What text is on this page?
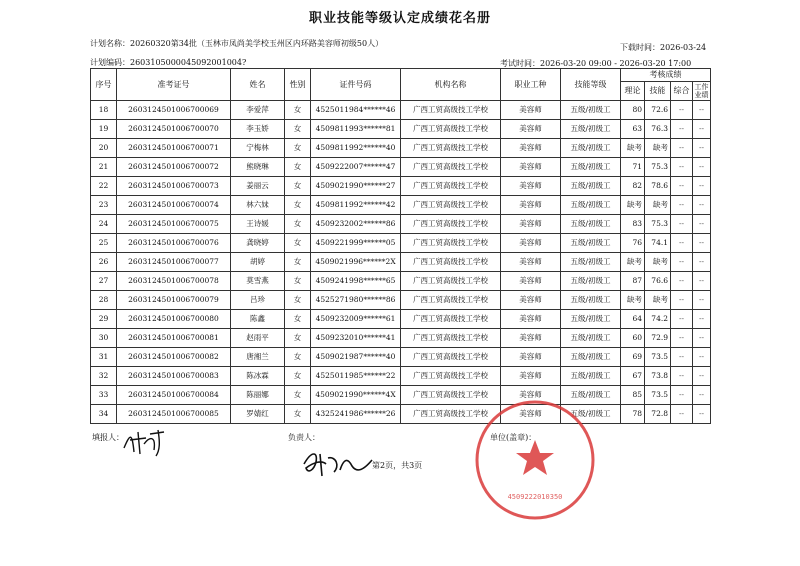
职业技能等级认定成绩花名册
计划名称：20260320第34批（玉林市凤尚美学校玉州区内环路美容师初级50人）
计划编码：2603105000045092001004?
下载时间：2026-03-24
考试时间：2026-03-20 09:00 - 2026-03-20 17:00
序号	准考证号	姓名	性别	证件号码	机构名称	职业工种	技能等级	考核成绩			
								理论	技能	综合	工作业绩
18	2603124501006700069	李爱萍	女	4525011984******46	广西工贸高级技工学校	美容师	五级/初级工	80	72.6	--	--
19	2603124501006700070	李玉娇	女	4509811993******81	广西工贸高级技工学校	美容师	五级/初级工	63	76.3	--	--
20	2603124501006700071	宁梅林	女	4509811992******40	广西工贸高级技工学校	美容师	五级/初级工	缺考	缺考	--	--
21	2603124501006700072	熊晓琳	女	4509222007******47	广西工贸高级技工学校	美容师	五级/初级工	71	75.3	--	--
22	2603124501006700073	姜丽云	女	4509021990******27	广西工贸高级技工学校	美容师	五级/初级工	82	78.6	--	--
23	2603124501006700074	林六妹	女	4509811992******42	广西工贸高级技工学校	美容师	五级/初级工	缺考	缺考	--	--
24	2603124501006700075	王诗媛	女	4509232002******86	广西工贸高级技工学校	美容师	五级/初级工	83	75.3	--	--
25	2603124501006700076	龚晓婷	女	4509221999******05	广西工贸高级技工学校	美容师	五级/初级工	76	74.1	--	--
26	2603124501006700077	胡婷	女	4509021996******2X	广西工贸高级技工学校	美容师	五级/初级工	缺考	缺考	--	--
27	2603124501006700078	莫雪燕	女	4509241998******65	广西工贸高级技工学校	美容师	五级/初级工	87	76.6	--	--
28	2603124501006700079	吕珍	女	4525271980******86	广西工贸高级技工学校	美容师	五级/初级工	缺考	缺考	--	--
29	2603124501006700080	陈鑫	女	4509232009******61	广西工贸高级技工学校	美容师	五级/初级工	64	74.2	--	--
30	2603124501006700081	赵雨平	女	4509232010******41	广西工贸高级技工学校	美容师	五级/初级工	60	72.9	--	--
31	2603124501006700082	唐湘兰	女	4509021987******40	广西工贸高级技工学校	美容师	五级/初级工	69	73.5	--	--
32	2603124501006700083	陈冰霖	女	4525011985******22	广西工贸高级技工学校	美容师	五级/初级工	67	73.8	--	--
33	2603124501006700084	陈丽娜	女	4509021990******4X	广西工贸高级技工学校	美容师	五级/初级工	85	73.5	--	--
34	2603124501006700085	罗婧红	女	4325241986******26	广西工贸高级技工学校	美容师	五级/初级工	78	72.8	--	--
填报人：	负责人：	单位(盖章)：
第2页，共3页
4509222010350
